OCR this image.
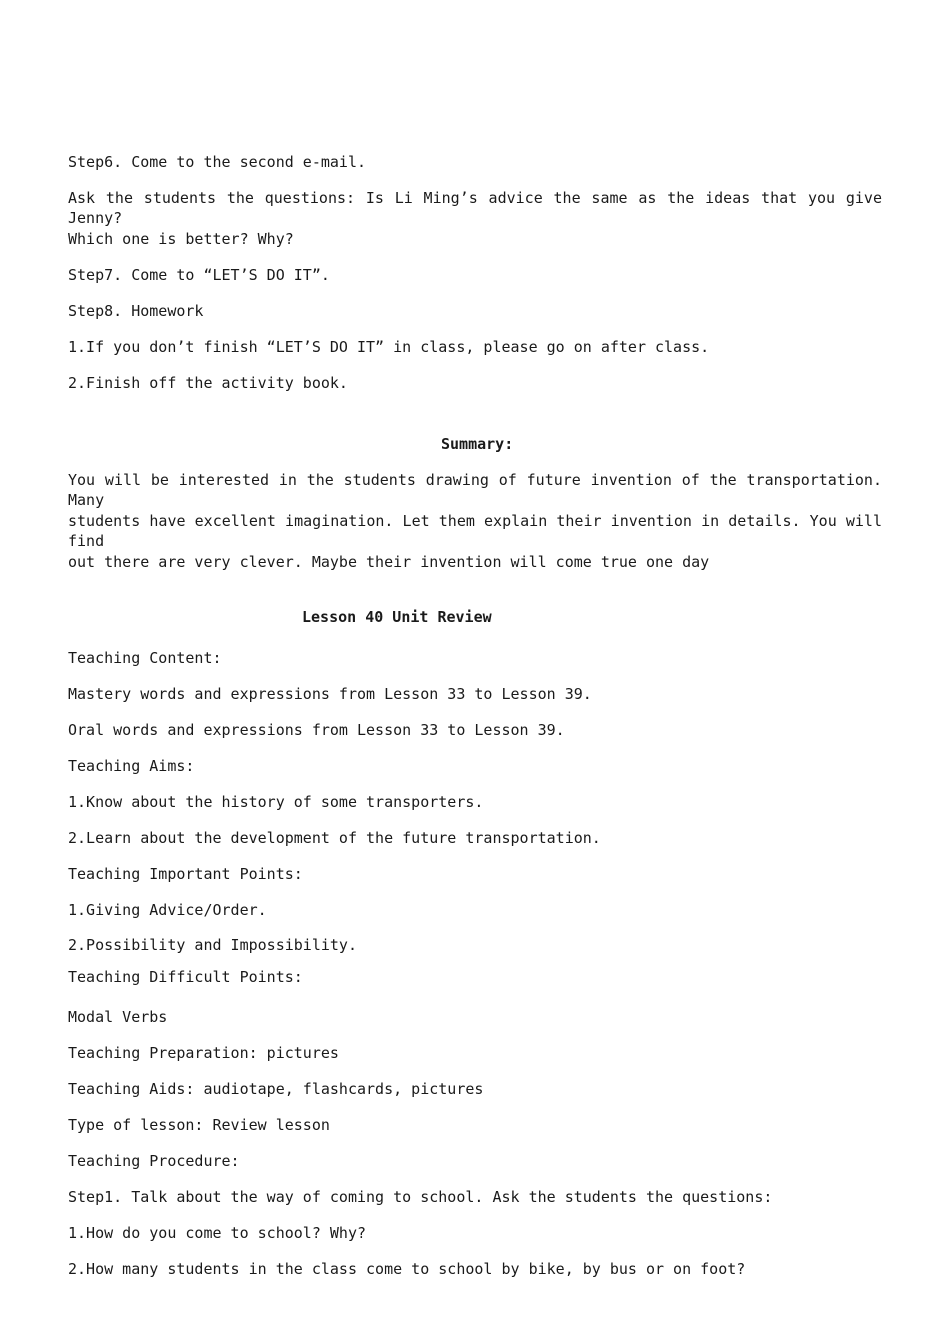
Step6. Come to the second e-mail.
Ask the students the questions: Is Li Ming’s advice the same as the ideas that you give Jenny?
Which one is better? Why?
Step7. Come to “LET’S DO IT”.
Step8. Homework
1.If you don’t finish “LET’S DO IT” in class, please go on after class.
2.Finish off the activity book.
Summary:
You will be interested in the students drawing of future invention of the transportation. Many
students have excellent imagination. Let them explain their invention in details. You will find
out there are very clever. Maybe their invention will come true one day
Lesson 40 Unit Review
Teaching Content:
Mastery words and expressions from Lesson 33 to Lesson 39.
Oral words and expressions from Lesson 33 to Lesson 39.
Teaching Aims:
1.Know about the history of some transporters.
2.Learn about the development of the future transportation.
Teaching Important Points:
1.Giving Advice/Order.
2.Possibility and Impossibility.
Teaching Difficult Points:
Modal Verbs
Teaching Preparation: pictures
Teaching Aids: audiotape, flashcards, pictures
Type of lesson: Review lesson
Teaching Procedure:
Step1. Talk about the way of coming to school. Ask the students the questions:
1.How do you come to school? Why?
2.How many students in the class come to school by bike, by bus or on foot?
